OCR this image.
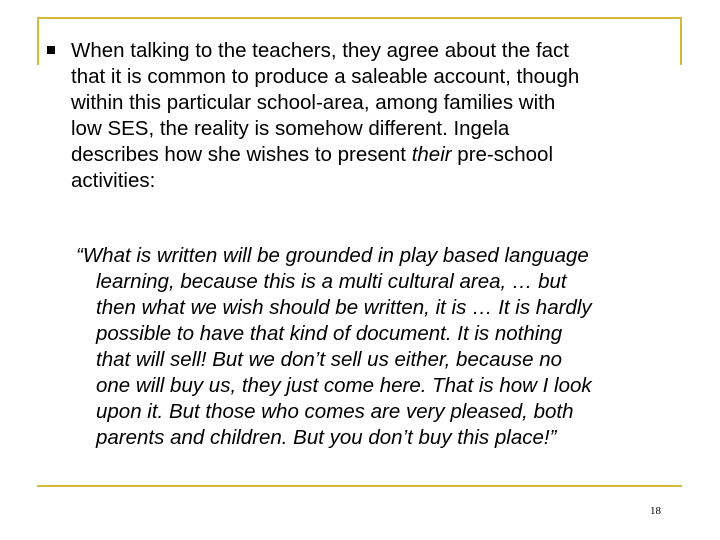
When talking to the teachers, they agree about the fact
that it is common to produce a saleable account, though
within this particular school-area, among families with
low SES, the reality is somehow different. Ingela
describes how she wishes to present their pre-school
activities:

“What is written will be grounded in play based language
learning, because this is a multi cultural area, … but
then what we wish should be written, it is … It is hardly
possible to have that kind of document. It is nothing
that will sell! But we don’t sell us either, because no
one will buy us, they just come here. That is how I look
upon it. But those who comes are very pleased, both
parents and children. But you don’t buy this place!”

18
